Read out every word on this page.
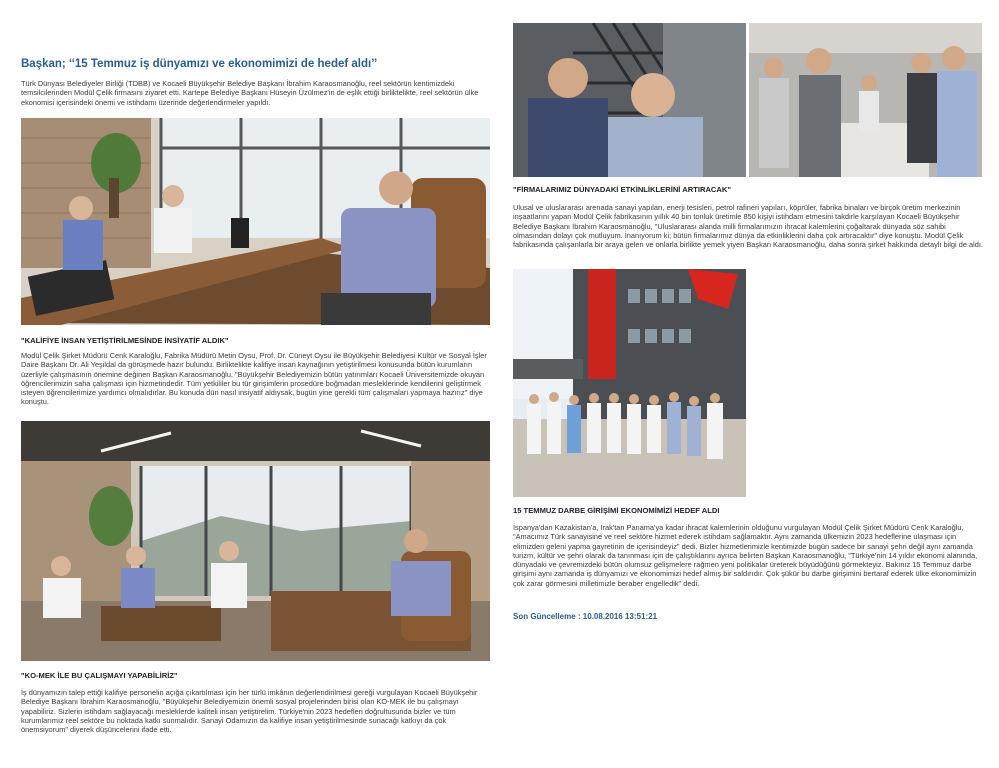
Başkan; ‘‘15 Temmuz iş dünyamızı ve ekonomimizi de hedef aldı’’
Türk Dünyası Belediyeler Birliği (TDBB) ve Kocaeli Büyükşehir Belediye Başkanı İbrahim Karaosmanoğlu, reel sektörün kentimizdeki temsilcilerinden Modül Çelik firmasını ziyaret etti. Kartepe Belediye Başkanı Hüseyin Üzülmez'in de eşlik ettiği birliktelikte, reel sektörün ülke ekonomisi içerisindeki önemi ve istihdamı üzerinde değerlendirmeler yapıldı.
"KALİFİYE İNSAN YETİŞTİRİLMESİNDE İNSİYATİF ALDIK"
Modül Çelik Şirket Müdürü Cenk Karaloğlu, Fabrika Müdürü Metin Oysu, Prof. Dr. Cüneyt Oysu ile Büyükşehir Belediyesi Kültür ve Sosyal İşler Daire Başkanı Dr. Ali Yeşildal da görüşmede hazır bulundu. Birliktelikte kalifiye insan kaynağının yetiştirilmesi konusunda bütün kurumların üzerliyle çalışmasının önemine değinen Başkan Karaosmanoğlu, "Büyükşehir Belediyemizin bütün yatırımları Kocaeli Üniversitemizde okuyan öğrencilerimizin saha çalışması için hizmetindedir. Tüm yetkililer bu tür girişimlerin prosedüre boğmadan mesleklerinde kendilerini geliştirmek isteyen öğrencilerimize yardımcı olmalıdırlar. Bu konuda dün nasıl insiyatif aldıysak, bugün yine gerekli tüm çalışmaları yapmaya hazırız" diye konuştu.
"KO-MEK İLE BU ÇALIŞMAYI YAPABİLİRİZ"
İş dünyamızın talep ettiği kalifiye personelin açığa çıkartılması için her türlü imkânın değerlendirilmesi gereği vurgulayan Kocaeli Büyükşehir Belediye Başkanı İbrahim Karaosmanoğlu, "Büyükşehir Belediyemizin önemli sosyal projelerinden birisi olan KO-MEK ile bu çalışmayı yapabiliriz. Sizlerin istihdam sağlayacağı mesleklerde kaliteli insan yetiştirelim. Türkiye'nin 2023 hedefleri doğrultusunda bizler ve tüm kurumlarımız reel sektöre bu noktada katkı sunmalıdır. Sanayi Odamızın da kalifiye insan yetiştirilmesinde sunacağı katkıyı da çok önemsiyorum" diyerek düşüncelerini ifade etti.
"FİRMALARIMIZ DÜNYADAKİ ETKİNLİKLERİNİ ARTIRACAK"
Ulusal ve uluslararası arenada sanayi yapıları, enerji tesisleri, petrol rafineri yapıları, köprüler, fabrika binaları ve birçok üretim merkezinin inşaatlarını yapan Modül Çelik fabrikasının yıllık 40 bin tonluk üretimle 850 kişiyi istihdam etmesini takdirle karşılayan Kocaeli Büyükşehir Belediye Başkanı İbrahim Karaosmanoğlu, "Uluslararası alanda milli firmalarımızın ihracat kalemlerini çoğaltarak dünyada söz sahibi olmasından dolayı çok mutluyum. İnanıyorum ki; bütün firmalarımız dünya da etkinliklerini daha çok artıracaktır" diye konuştu. Modül Çelik fabrikasında çalışanlarla bir araya gelen ve onlarla birlikte yemek yiyen Başkan Karaosmanoğlu, daha sonra şirket hakkında detaylı bilgi de aldı.
15 TEMMUZ DARBE GİRİŞİMİ EKONOMİMİZİ HEDEF ALDI
İspanya'dan Kazakistan'a, Irak'tan Panama'ya kadar ihracat kalemlerinin olduğunu vurgulayan Modül Çelik Şirket Müdürü Cenk Karaloğlu, "Amacımız Türk sanayisine ve reel sektöre hizmet ederek istihdam sağlamaktır. Aynı zamanda ülkemizin 2023 hedeflerine ulaşması için elimizden geleni yapma gayretinin de içerisindeyiz" dedi. Bizler hizmetlerimizle kentimizde bugün sadece bir sanayi şehri değil aynı zamanda turizm, kültür ve şehri olarak da tanınması için de çalıştıklarını ayrıca belirten Başkan Karaosmanoğlu, "Türkiye'nin 14 yıldır ekonomi alanında, dünyadaki ve çevremizdeki bütün olumsuz gelişmelere rağmen yeni politikalar üreterek büyüdüğünü görmekteyiz. Bakınız 15 Temmuz darbe girişimi aynı zamanda iş dünyamızı ve ekonomimizi hedef almış bir saldırıdır. Çok şükür bu darbe girişimini bertaraf ederek ülke ekonomimizin çok zarar görmesini milletimizle beraber engelledik" dedi.
Son Güncelleme : 10.08.2016 13:51:21
